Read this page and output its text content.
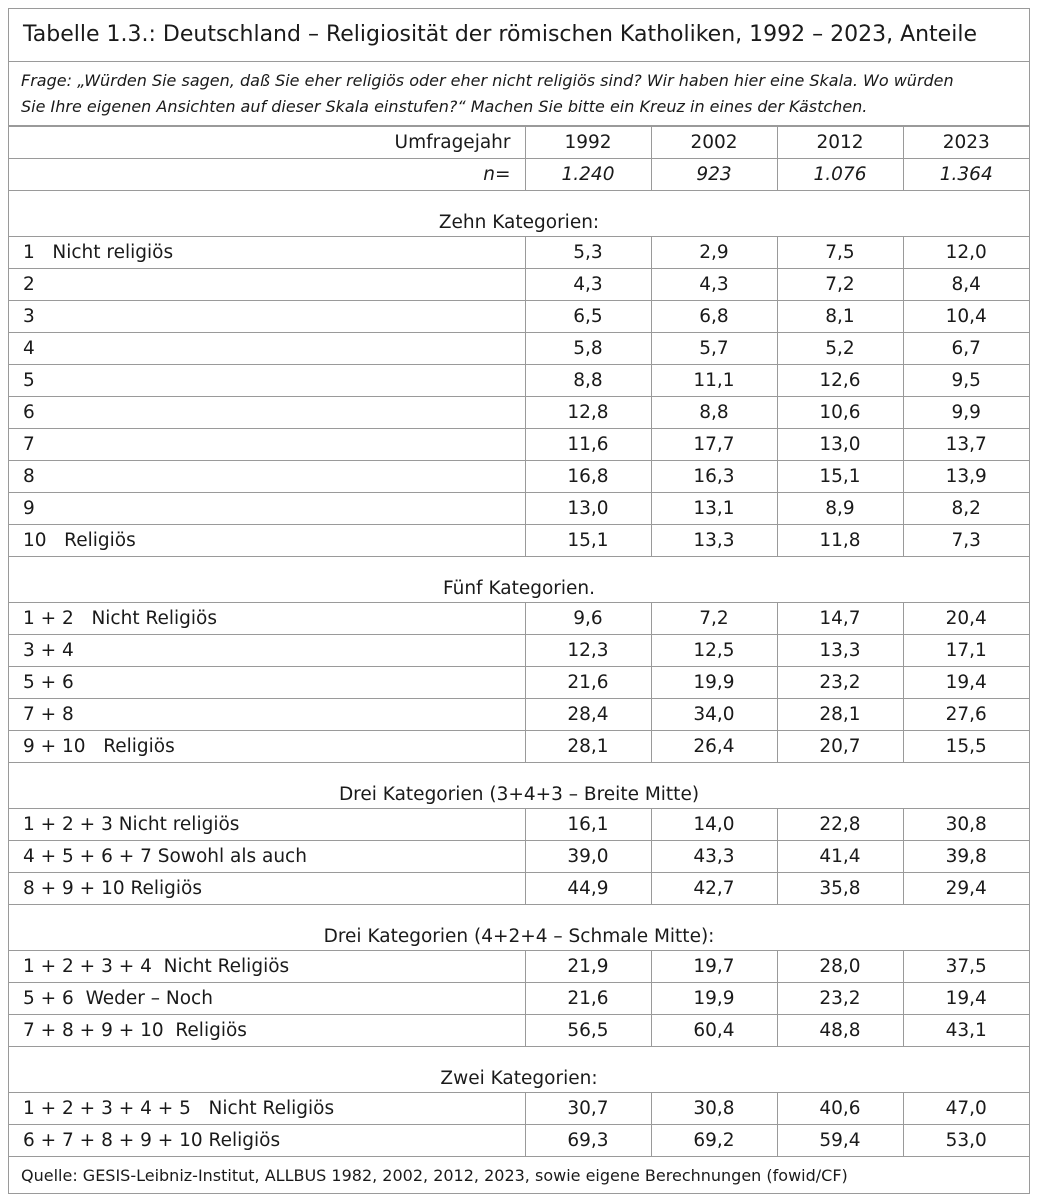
Tabelle 1.3.: Deutschland – Religiosität der römischen Katholiken, 1992 – 2023, Anteile
Frage: „Würden Sie sagen, daß Sie eher religiös oder eher nicht religiös sind? Wir haben hier eine Skala. Wo würden
Sie Ihre eigenen Ansichten auf dieser Skala einstufen?“ Machen Sie bitte ein Kreuz in eines der Kästchen.
Umfragejahr	1992	2002	2012	2023
n=	1.240	923	1.076	1.364
Zehn Kategorien:				
1   Nicht religiös	5,3	2,9	7,5	12,0
2	4,3	4,3	7,2	8,4
3	6,5	6,8	8,1	10,4
4	5,8	5,7	5,2	6,7
5	8,8	11,1	12,6	9,5
6	12,8	8,8	10,6	9,9
7	11,6	17,7	13,0	13,7
8	16,8	16,3	15,1	13,9
9	13,0	13,1	8,9	8,2
10   Religiös	15,1	13,3	11,8	7,3
Fünf Kategorien.				
1 + 2   Nicht Religiös	9,6	7,2	14,7	20,4
3 + 4	12,3	12,5	13,3	17,1
5 + 6	21,6	19,9	23,2	19,4
7 + 8	28,4	34,0	28,1	27,6
9 + 10   Religiös	28,1	26,4	20,7	15,5
Drei Kategorien (3+4+3 – Breite Mitte)				
1 + 2 + 3 Nicht religiös	16,1	14,0	22,8	30,8
4 + 5 + 6 + 7 Sowohl als auch	39,0	43,3	41,4	39,8
8 + 9 + 10 Religiös	44,9	42,7	35,8	29,4
Drei Kategorien (4+2+4 – Schmale Mitte):				
1 + 2 + 3 + 4  Nicht Religiös	21,9	19,7	28,0	37,5
5 + 6  Weder – Noch	21,6	19,9	23,2	19,4
7 + 8 + 9 + 10  Religiös	56,5	60,4	48,8	43,1
Zwei Kategorien:				
1 + 2 + 3 + 4 + 5   Nicht Religiös	30,7	30,8	40,6	47,0
6 + 7 + 8 + 9 + 10 Religiös	69,3	69,2	59,4	53,0
Quelle: GESIS-Leibniz-Institut, ALLBUS 1982, 2002, 2012, 2023, sowie eigene Berechnungen (fowid/CF)				
